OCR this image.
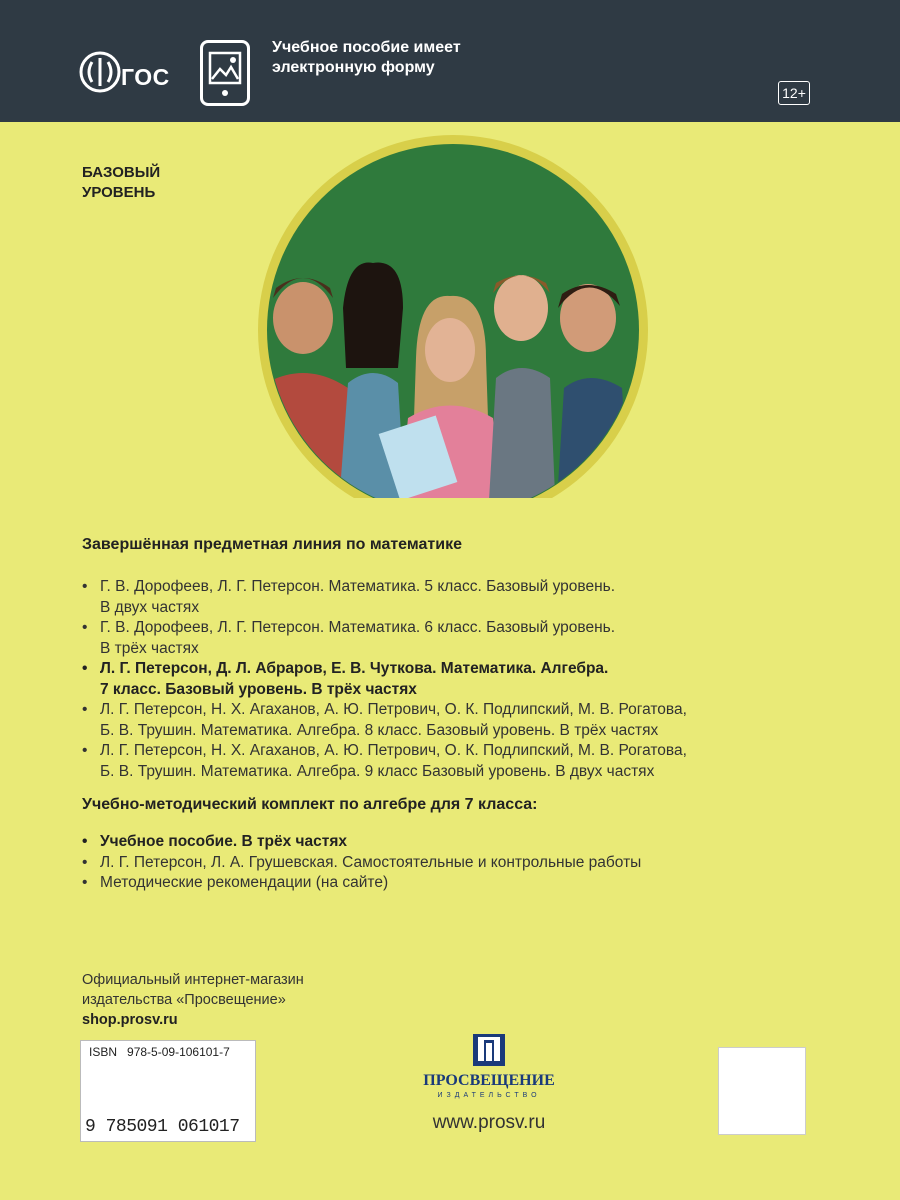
ГОС
Учебное пособие имеет электронную форму
12+
БАЗОВЫЙ
УРОВЕНЬ
Завершённая предметная линия по математике
• Г. В. Дорофеев, Л. Г. Петерсон. Математика. 5 класс. Базовый уровень.
В двух частях
• Г. В. Дорофеев, Л. Г. Петерсон. Математика. 6 класс. Базовый уровень.
В трёх частях
• Л. Г. Петерсон, Д. Л. Абраров, Е. В. Чуткова. Математика. Алгебра.
7 класс. Базовый уровень. В трёх частях
• Л. Г. Петерсон, Н. Х. Агаханов, А. Ю. Петрович, О. К. Подлипский, М. В. Рогатова,
Б. В. Трушин. Математика. Алгебра. 8 класс. Базовый уровень. В трёх частях
• Л. Г. Петерсон, Н. Х. Агаханов, А. Ю. Петрович, О. К. Подлипский, М. В. Рогатова,
Б. В. Трушин. Математика. Алгебра. 9 класс Базовый уровень. В двух частях
Учебно-методический комплект по алгебре для 7 класса:
• Учебное пособие. В трёх частях
• Л. Г. Петерсон, Л. А. Грушевская. Самостоятельные и контрольные работы
• Методические рекомендации (на сайте)
Официальный интернет-магазин
издательства «Просвещение»
shop.prosv.ru
ISBN 978-5-09-106101-7
9 785091 061017
ПРОСВЕЩЕНИЕ
ИЗДАТЕЛЬСТВО
www.prosv.ru
